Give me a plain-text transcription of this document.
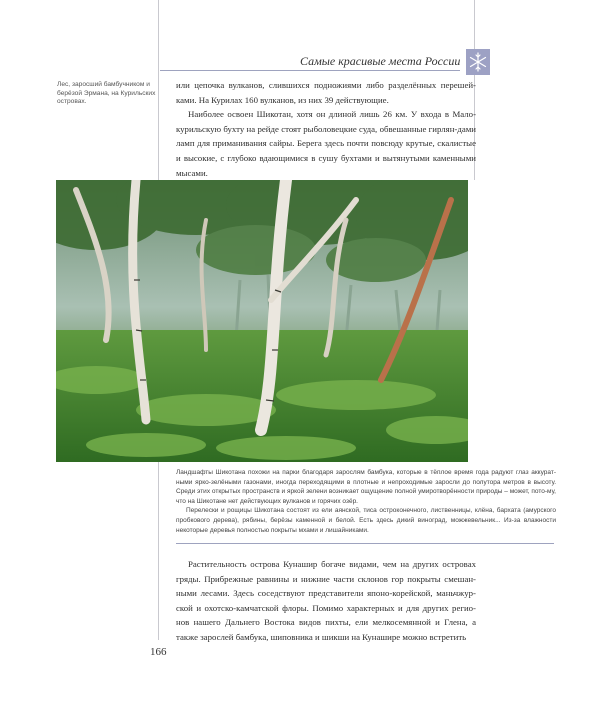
Самые красивые места России
Лес, заросший бамбучником и берёзой Эрмана, на Курильских островах.

или цепочка вулканов, слившихся подножиями либо разделённых перешей-ками. На Курилах 160 вулканов, из них 39 действующие.

Наиболее освоен Шикотан, хотя он длиной лишь 26 км. У входа в Мало-курильскую бухту на рейде стоят рыболовецкие суда, обвешанные гирлян-дами ламп для приманивания сайры. Берега здесь почти повсюду крутые, скалистые и высокие, с глубоко вдающимися в сушу бухтами и вытянутыми каменными мысами.

Ландшафты Шикотана похожи на парки благодаря зарослям бамбука, которые в тёплое время года радуют глаз аккурат-ными ярко-зелёными газонами, иногда переходящими в плотные и непроходимые заросли до полутора метров в высоту. Среди этих открытых пространств и яркой зелени возникает ощущение полной умиротворённости природы – может, пото-му, что на Шикотане нет действующих вулканов и горячих озёр.

Перелески и рощицы Шикотана состоят из ели аянской, тиса остроконечного, лиственницы, клёна, бархата (амурского пробкового дерева), рябины, берёзы каменной и белой. Есть здесь дикий виноград, можжевельник... Из-за влажности некоторые деревья полностью покрыты мхами и лишайниками.

Растительность острова Кунашир богаче видами, чем на других островах гряды. Прибрежные равнины и нижние части склонов гор покрыты смешан-ными лесами. Здесь соседствуют представители японо-корейской, маньчжур-ской и охотско-камчатской флоры. Помимо характерных и для других регио-нов нашего Дальнего Востока видов пихты, ели мелкосемянной и Глена, а также зарослей бамбука, шиповника и шикши на Кунашире можно встретить

166
